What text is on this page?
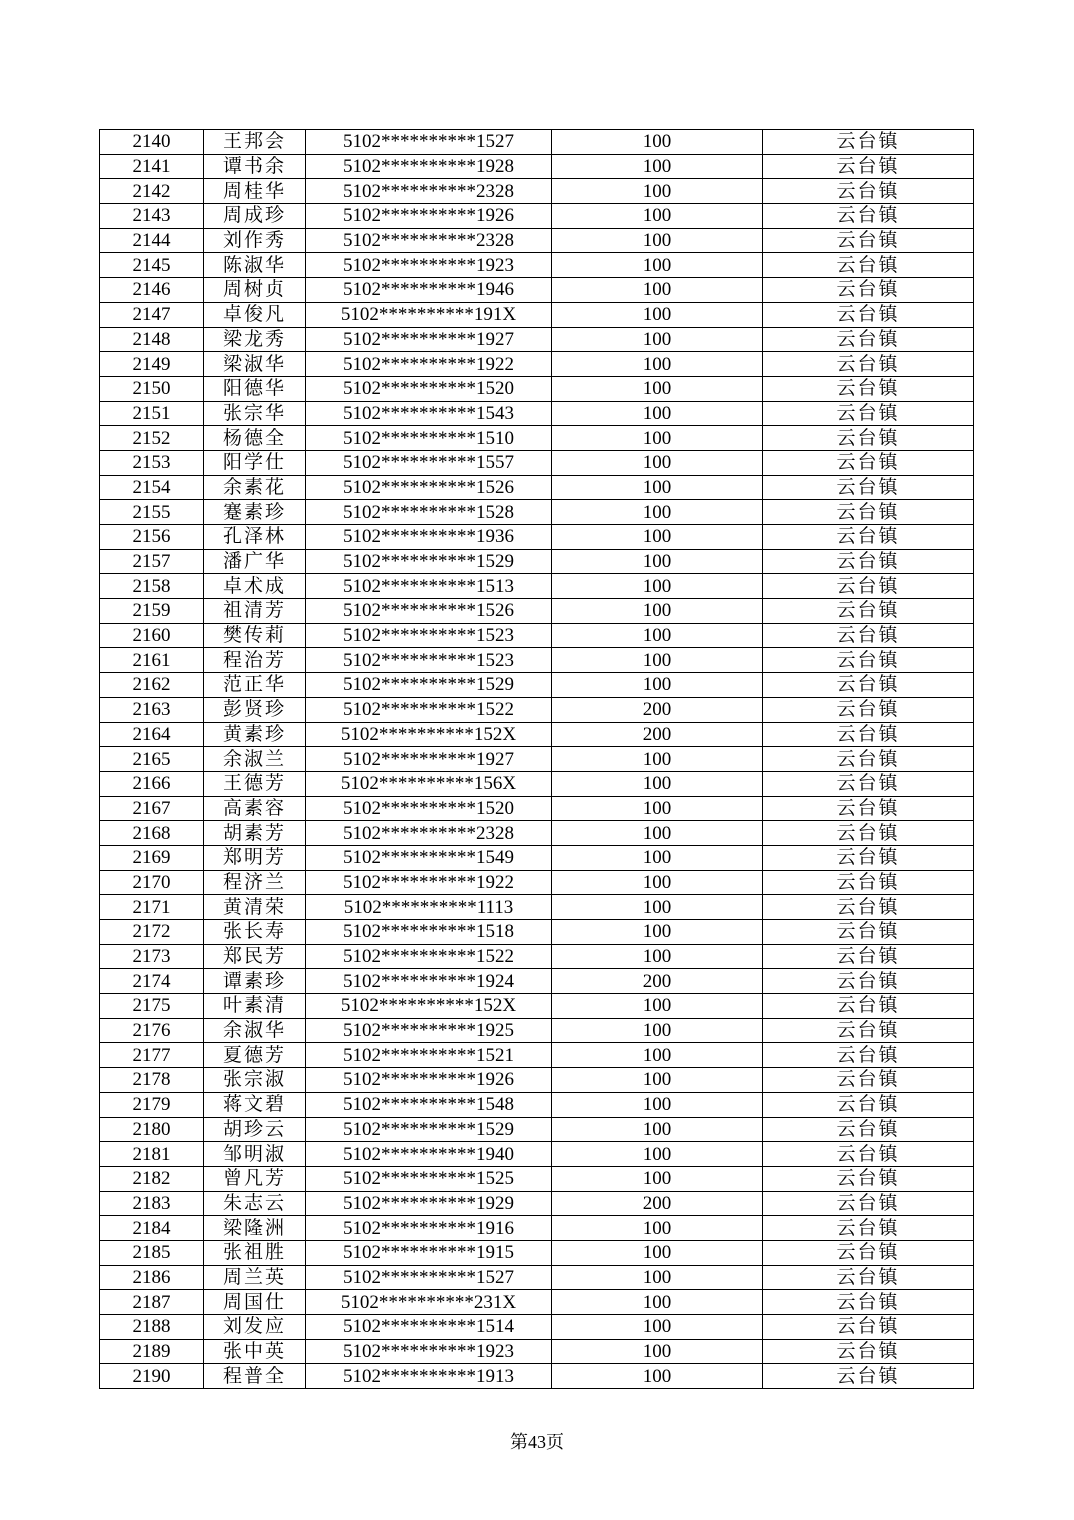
2140	王邦会	5102**********1527	100	云台镇
2141	谭书余	5102**********1928	100	云台镇
2142	周桂华	5102**********2328	100	云台镇
2143	周成珍	5102**********1926	100	云台镇
2144	刘作秀	5102**********2328	100	云台镇
2145	陈淑华	5102**********1923	100	云台镇
2146	周树贞	5102**********1946	100	云台镇
2147	卓俊凡	5102**********191X	100	云台镇
2148	梁龙秀	5102**********1927	100	云台镇
2149	梁淑华	5102**********1922	100	云台镇
2150	阳德华	5102**********1520	100	云台镇
2151	张宗华	5102**********1543	100	云台镇
2152	杨德全	5102**********1510	100	云台镇
2153	阳学仕	5102**********1557	100	云台镇
2154	余素花	5102**********1526	100	云台镇
2155	蹇素珍	5102**********1528	100	云台镇
2156	孔泽林	5102**********1936	100	云台镇
2157	潘广华	5102**********1529	100	云台镇
2158	卓术成	5102**********1513	100	云台镇
2159	祖清芳	5102**********1526	100	云台镇
2160	樊传莉	5102**********1523	100	云台镇
2161	程治芳	5102**********1523	100	云台镇
2162	范正华	5102**********1529	100	云台镇
2163	彭贤珍	5102**********1522	200	云台镇
2164	黄素珍	5102**********152X	200	云台镇
2165	余淑兰	5102**********1927	100	云台镇
2166	王德芳	5102**********156X	100	云台镇
2167	高素容	5102**********1520	100	云台镇
2168	胡素芳	5102**********2328	100	云台镇
2169	郑明芳	5102**********1549	100	云台镇
2170	程济兰	5102**********1922	100	云台镇
2171	黄清荣	5102**********1113	100	云台镇
2172	张长寿	5102**********1518	100	云台镇
2173	郑民芳	5102**********1522	100	云台镇
2174	谭素珍	5102**********1924	200	云台镇
2175	叶素清	5102**********152X	100	云台镇
2176	余淑华	5102**********1925	100	云台镇
2177	夏德芳	5102**********1521	100	云台镇
2178	张宗淑	5102**********1926	100	云台镇
2179	蒋文碧	5102**********1548	100	云台镇
2180	胡珍云	5102**********1529	100	云台镇
2181	邹明淑	5102**********1940	100	云台镇
2182	曾凡芳	5102**********1525	100	云台镇
2183	朱志云	5102**********1929	200	云台镇
2184	梁隆洲	5102**********1916	100	云台镇
2185	张祖胜	5102**********1915	100	云台镇
2186	周兰英	5102**********1527	100	云台镇
2187	周国仕	5102**********231X	100	云台镇
2188	刘发应	5102**********1514	100	云台镇
2189	张中英	5102**********1923	100	云台镇
2190	程普全	5102**********1913	100	云台镇
第43页
